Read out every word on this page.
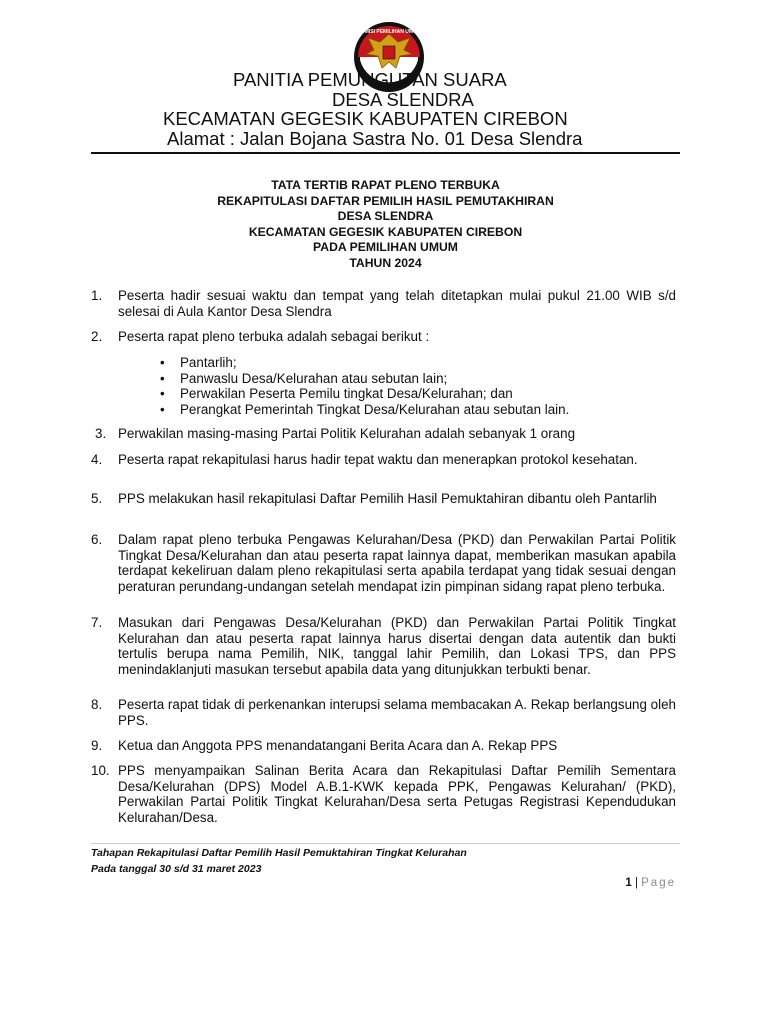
KOMISI PEMILIHAN UMUM
PANITIA PEMUNGUTAN SUARA
DESA SLENDRA
KECAMATAN GEGESIK KABUPATEN CIREBON
Alamat : Jalan Bojana Sastra No. 01 Desa Slendra
TATA TERTIB RAPAT PLENO TERBUKA
REKAPITULASI DAFTAR PEMILIH HASIL PEMUTAKHIRAN
DESA SLENDRA
KECAMATAN GEGESIK KABUPATEN CIREBON
PADA PEMILIHAN UMUM
TAHUN 2024
1. Peserta hadir sesuai waktu dan tempat yang telah ditetapkan mulai pukul 21.00 WIB s/d selesai di Aula Kantor Desa Slendra
2. Peserta rapat pleno terbuka adalah sebagai berikut :
• Pantarlih;
• Panwaslu Desa/Kelurahan atau sebutan lain;
• Perwakilan Peserta Pemilu tingkat Desa/Kelurahan; dan
• Perangkat Pemerintah Tingkat Desa/Kelurahan atau sebutan lain.
3. Perwakilan masing-masing Partai Politik Kelurahan adalah sebanyak 1 orang
4. Peserta rapat rekapitulasi harus hadir tepat waktu dan menerapkan protokol kesehatan.
5. PPS melakukan hasil rekapitulasi Daftar Pemilih Hasil Pemuktahiran dibantu oleh Pantarlih
6. Dalam rapat pleno terbuka Pengawas Kelurahan/Desa (PKD) dan Perwakilan Partai Politik Tingkat Desa/Kelurahan dan atau peserta rapat lainnya dapat, memberikan masukan apabila terdapat kekeliruan dalam pleno rekapitulasi serta apabila terdapat yang tidak sesuai dengan peraturan perundang-undangan setelah mendapat izin pimpinan sidang rapat pleno terbuka.
7. Masukan dari Pengawas Desa/Kelurahan (PKD) dan Perwakilan Partai Politik Tingkat Kelurahan dan atau peserta rapat lainnya harus disertai dengan data autentik dan bukti tertulis berupa nama Pemilih, NIK, tanggal lahir Pemilih, dan Lokasi TPS, dan PPS menindaklanjuti masukan tersebut apabila data yang ditunjukkan terbukti benar.
8. Peserta rapat tidak di perkenankan interupsi selama membacakan A. Rekap berlangsung oleh PPS.
9. Ketua dan Anggota PPS menandatangani Berita Acara dan A. Rekap PPS
10. PPS menyampaikan Salinan Berita Acara dan Rekapitulasi Daftar Pemilih Sementara Desa/Kelurahan (DPS) Model A.B.1-KWK kepada PPK, Pengawas Kelurahan/ (PKD), Perwakilan Partai Politik Tingkat Kelurahan/Desa serta Petugas Registrasi Kependudukan Kelurahan/Desa.
Tahapan Rekapitulasi Daftar Pemilih Hasil Pemuktahiran Tingkat Kelurahan
Pada tanggal 30 s/d 31 maret 2023
1 | Page
